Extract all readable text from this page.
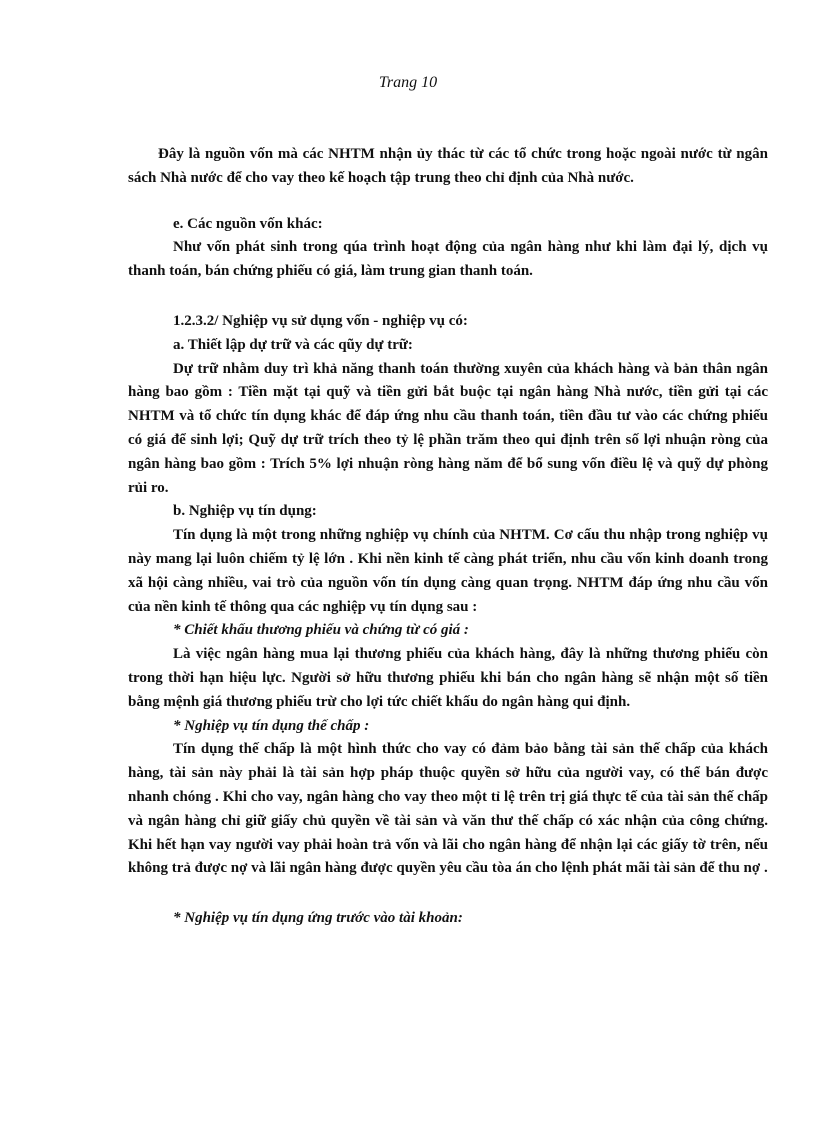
Trang 10

Đây là nguồn vốn mà các NHTM nhận ủy thác từ các tổ chức trong hoặc ngoài nước từ ngân sách Nhà nước để cho vay theo kế hoạch tập trung theo chỉ định của Nhà nước.

e. Các nguồn vốn khác:

Như vốn phát sinh trong qúa trình hoạt động của ngân hàng như khi làm đại lý, dịch vụ thanh toán, bán chứng phiếu có giá, làm trung gian thanh toán.

1.2.3.2/ Nghiệp vụ sử dụng vốn - nghiệp vụ có:

a. Thiết lập dự trữ và các qũy dự trữ:

Dự trữ nhằm duy trì khả năng thanh toán thường xuyên của khách hàng và bản thân ngân hàng bao gồm : Tiền mặt tại quỹ và tiền gửi bắt buộc tại ngân hàng Nhà nước, tiền gửi tại các NHTM và tổ chức tín dụng khác để đáp ứng nhu cầu thanh toán, tiền đầu tư vào các chứng phiếu có giá để sinh lợi; Quỹ dự trữ trích theo tỷ lệ phần trăm theo qui định trên số lợi nhuận ròng của ngân hàng bao gồm : Trích 5% lợi nhuận ròng hàng năm để bổ sung vốn điều lệ và quỹ dự phòng rủi ro.

b. Nghiệp vụ tín dụng:

Tín dụng là một trong những nghiệp vụ chính của NHTM. Cơ cấu thu nhập trong nghiệp vụ này mang lại luôn chiếm tỷ lệ lớn . Khi nền kinh tế càng phát triển, nhu cầu vốn kinh doanh trong xã hội càng nhiều, vai trò của nguồn vốn tín dụng càng quan trọng. NHTM đáp ứng nhu cầu vốn của nền kinh tế thông qua các nghiệp vụ tín dụng sau :

* Chiết khấu thương phiếu và chứng từ có giá :

Là việc ngân hàng mua lại thương phiếu của khách hàng, đây là những thương phiếu còn trong thời hạn hiệu lực. Người sở hữu thương phiếu khi bán cho ngân hàng sẽ nhận một số tiền bằng mệnh giá thương phiếu trừ cho lợi tức chiết khấu do ngân hàng qui định.

* Nghiệp vụ tín dụng thế chấp :

Tín dụng thế chấp là một hình thức cho vay có đảm bảo bằng tài sản thế chấp của khách hàng, tài sản này phải là tài sản hợp pháp thuộc quyền sở hữu của người vay, có thể bán được nhanh chóng . Khi cho vay, ngân hàng cho vay theo một tỉ lệ trên trị giá thực tế của tài sản thế chấp và ngân hàng chỉ giữ giấy chủ quyền về tài sản và văn thư thế chấp có xác nhận của công chứng. Khi hết hạn vay người vay phải hoàn trả vốn và lãi cho ngân hàng để nhận lại các giấy tờ trên, nếu không trả được nợ và lãi ngân hàng được quyền yêu cầu tòa án cho lệnh phát mãi tài sản để thu nợ .

* Nghiệp vụ tín dụng ứng trước vào tài khoản:
